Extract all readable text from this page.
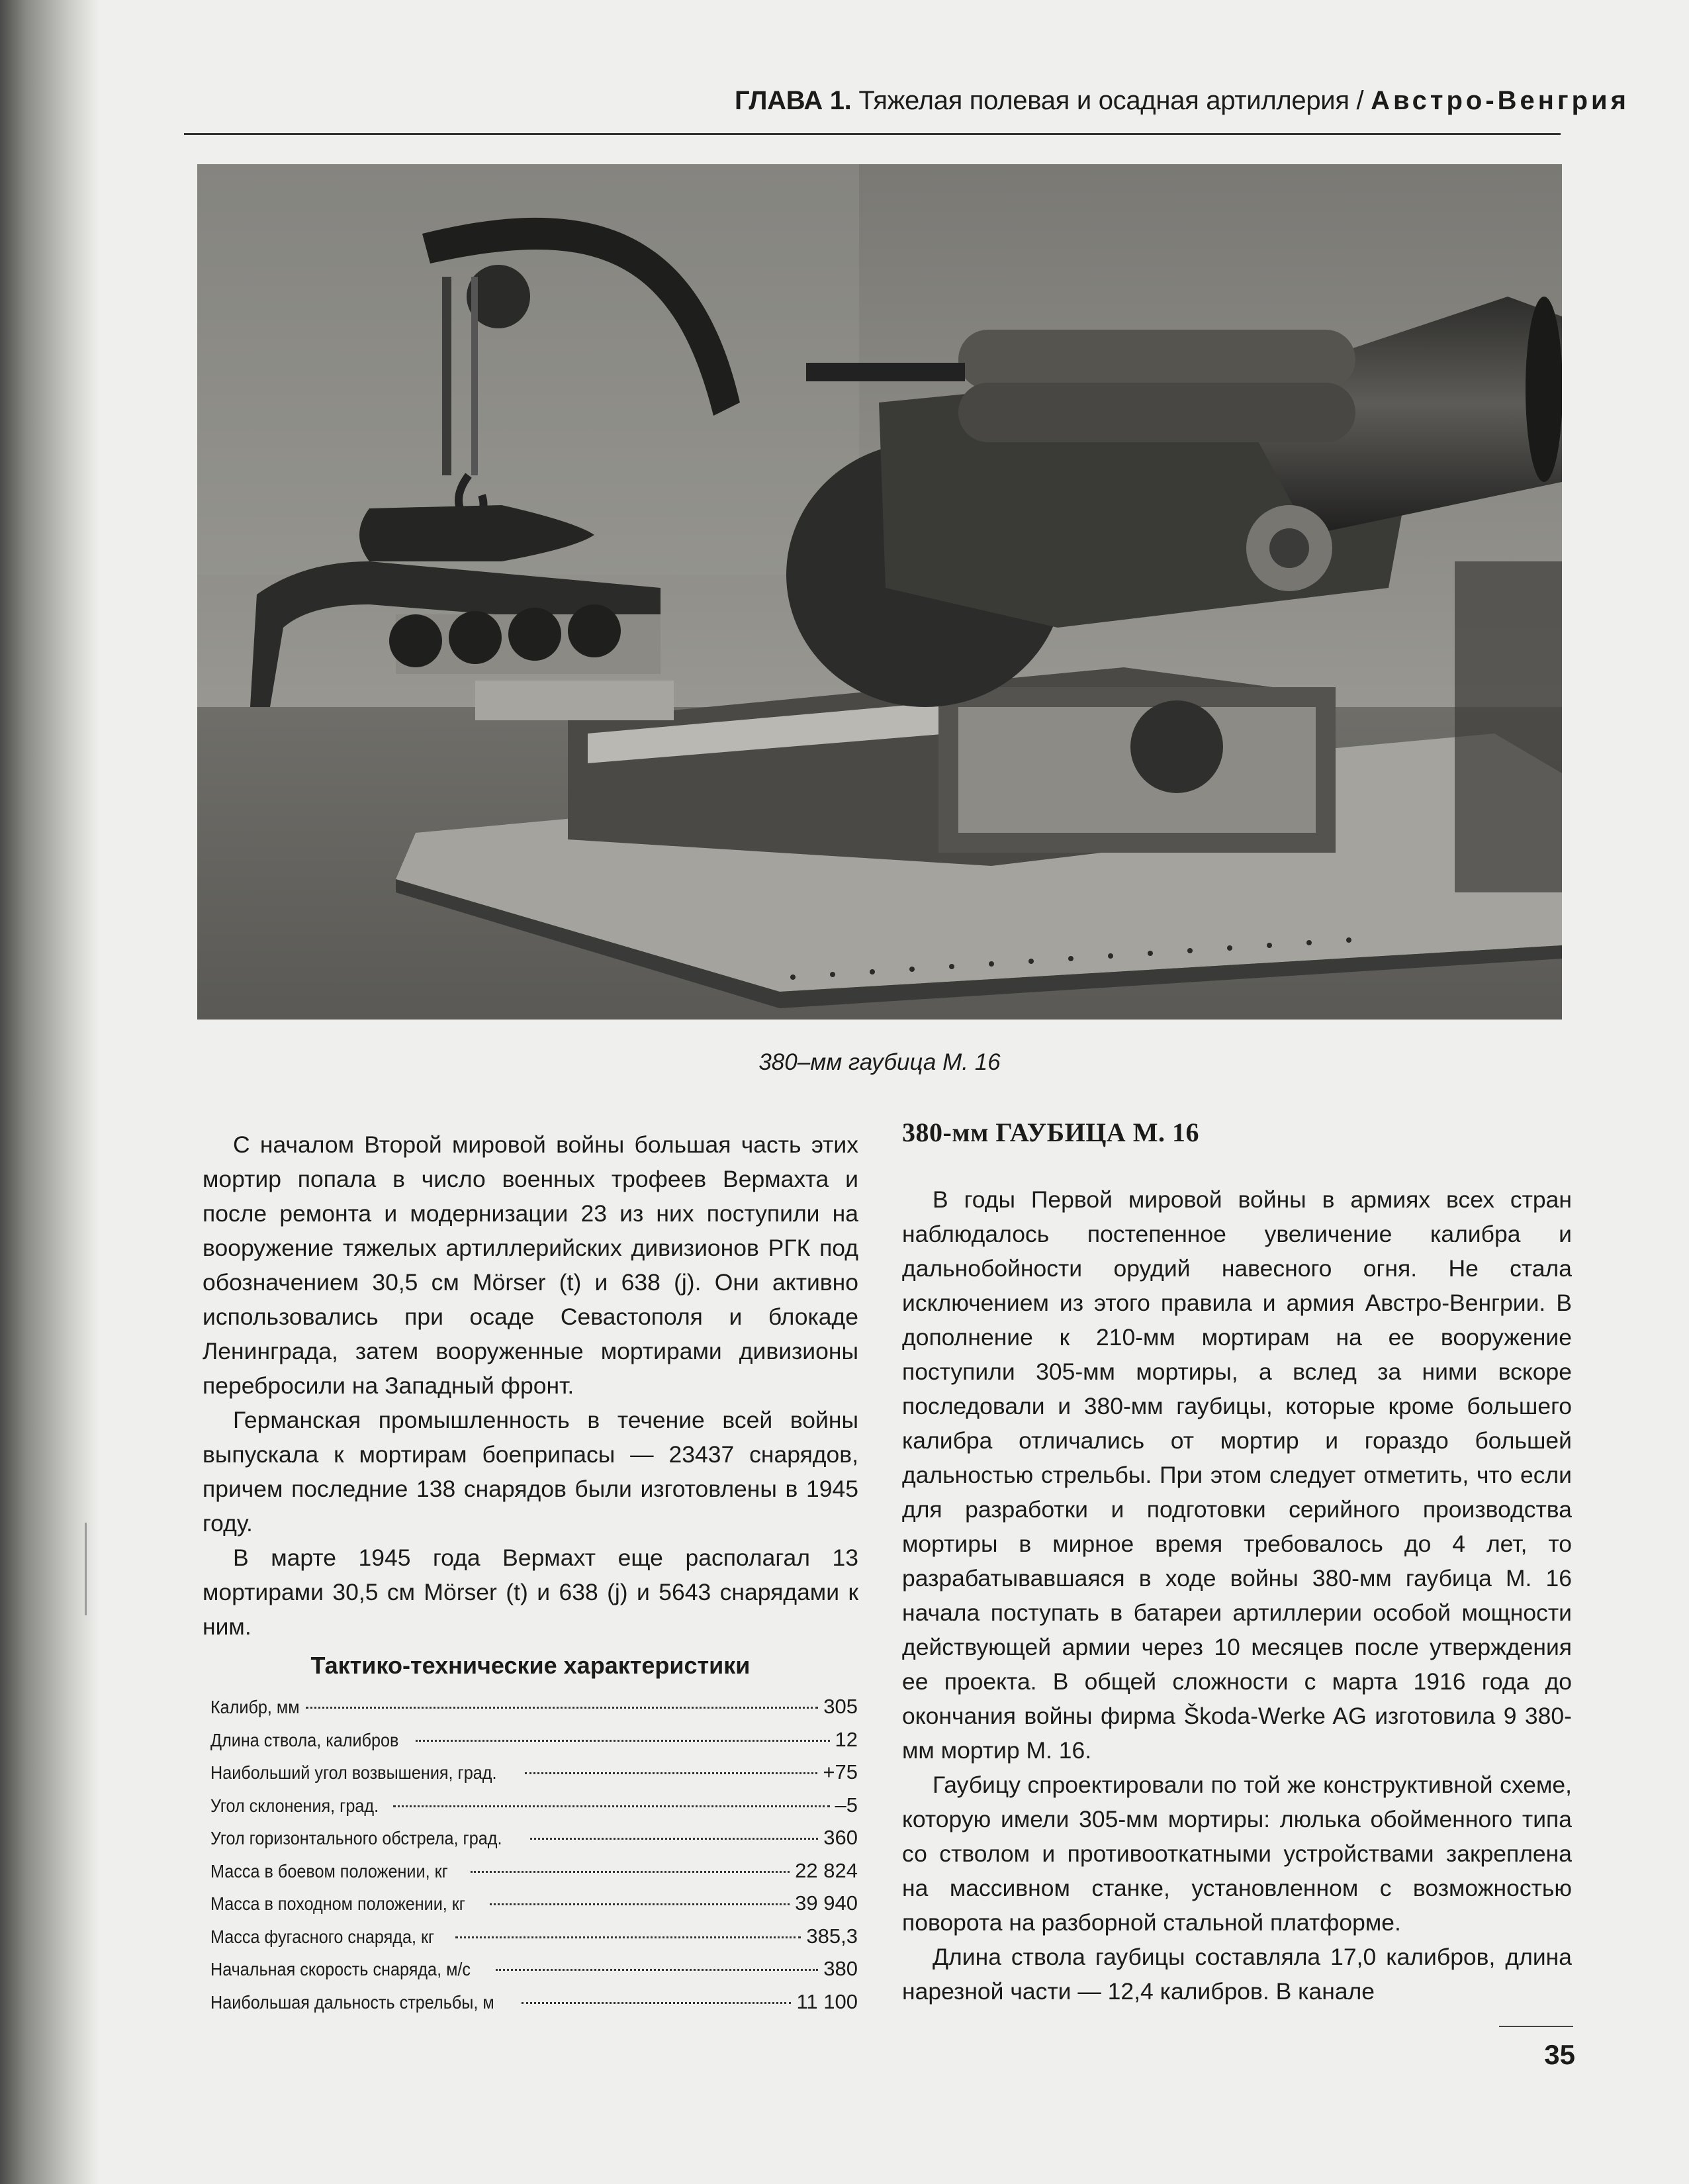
ГЛАВА 1. Тяжелая полевая и осадная артиллерия / Австро-Венгрия
380–мм гаубица М. 16

С началом Второй мировой войны большая часть этих мортир попала в число военных трофеев Вермахта и после ремонта и модернизации 23 из них поступили на вооружение тяжелых артиллерийских дивизионов РГК под обозначением 30,5 см Mörser (t) и 638 (j). Они активно использовались при осаде Севастополя и блокаде Ленинграда, затем вооруженные мортирами дивизионы перебросили на Западный фронт.

Германская промышленность в течение всей войны выпускала к мортирам боеприпасы — 23437 снарядов, причем последние 138 снарядов были изготовлены в 1945 году.

В марте 1945 года Вермахт еще располагал 13 мортирами 30,5 см Mörser (t) и 638 (j) и 5643 снарядами к ним.

Тактико-технические характеристики
Калибр, мм	305
Длина ствола, калибров	12
Наибольший угол возвышения, град.	+75
Угол склонения, град.	–5
Угол горизонтального обстрела, град.	360
Масса в боевом положении, кг	22 824
Масса в походном положении, кг	39 940
Масса фугасного снаряда, кг	385,3
Начальная скорость снаряда, м/с	380
Наибольшая дальность стрельбы, м	11 100
380-мм ГАУБИЦА М. 16

В годы Первой мировой войны в армиях всех стран наблюдалось постепенное увеличение калибра и дальнобойности орудий навесного огня. Не стала исключением из этого правила и армия Австро-Венгрии. В дополнение к 210-мм мортирам на ее вооружение поступили 305-мм мортиры, а вслед за ними вскоре последовали и 380-мм гаубицы, которые кроме большего калибра отличались от мортир и гораздо большей дальностью стрельбы. При этом следует отметить, что если для разработки и подготовки серийного производства мортиры в мирное время требовалось до 4 лет, то разрабатывавшаяся в ходе войны 380-мм гаубица М. 16 начала поступать в батареи артиллерии особой мощности действующей армии через 10 месяцев после утверждения ее проекта. В общей сложности с марта 1916 года до окончания войны фирма Škoda-Werke AG изготовила 9 380-мм мортир М. 16.

Гаубицу спроектировали по той же конструктивной схеме, которую имели 305-мм мортиры: люлька обойменного типа со стволом и противооткатными устройствами закреплена на массивном станке, установленном с возможностью поворота на разборной стальной платформе.

Длина ствола гаубицы составляла 17,0 калибров, длина нарезной части — 12,4 калибров. В канале

35
